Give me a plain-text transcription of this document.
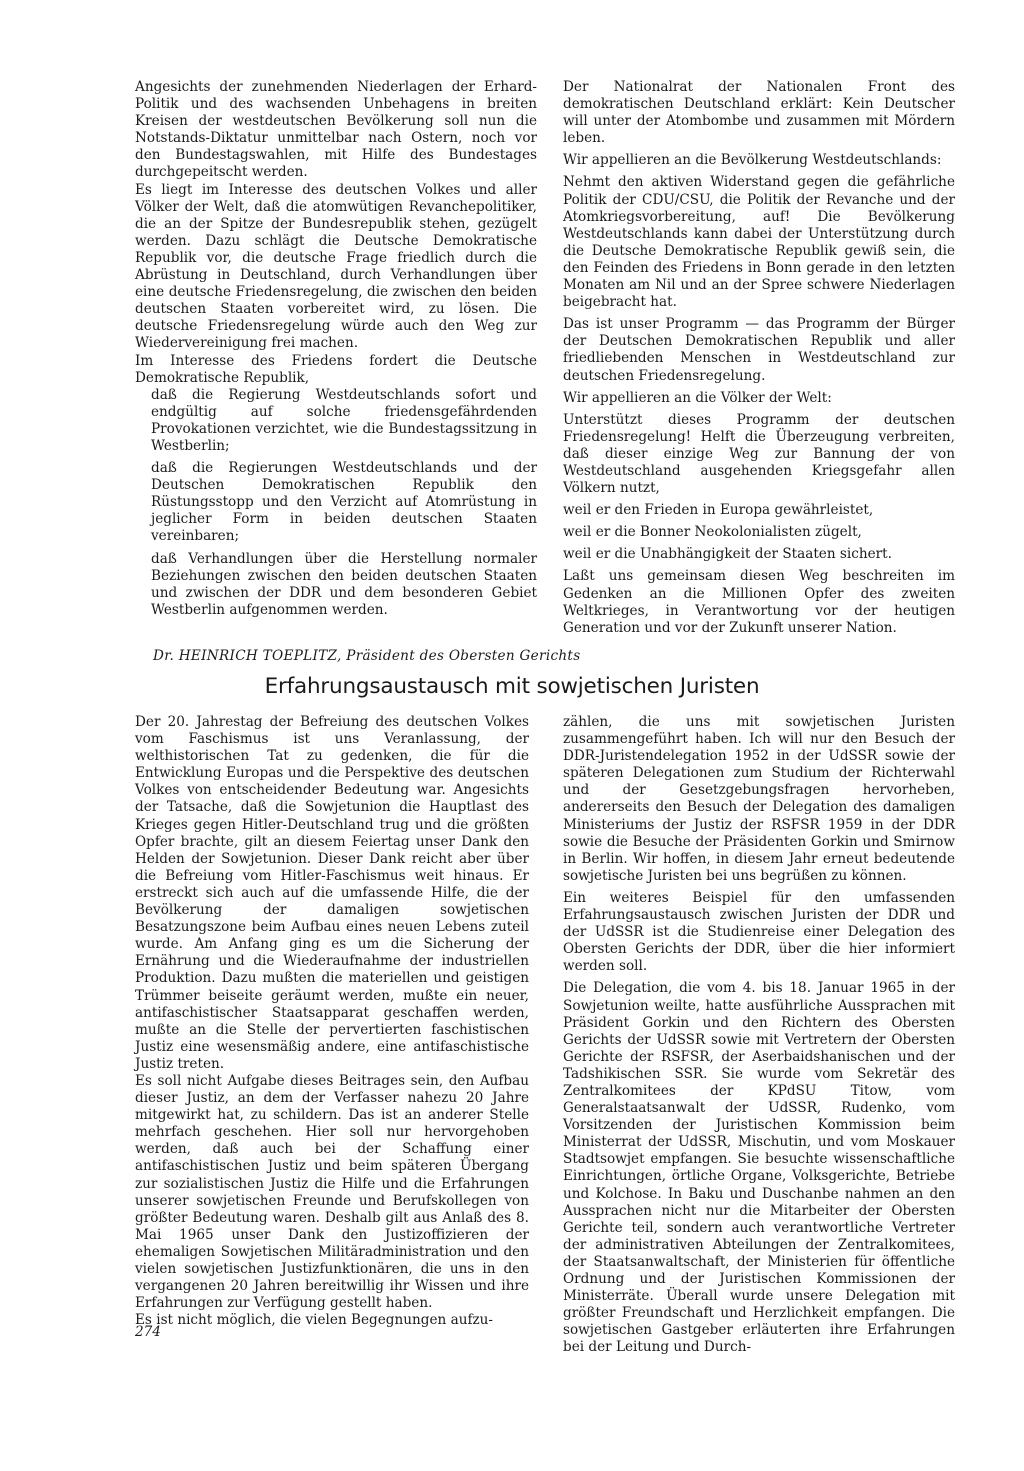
Angesichts der zunehmenden Niederlagen der Erhard-Politik und des wachsenden Unbehagens in breiten Kreisen der westdeutschen Bevölkerung soll nun die Notstands-Diktatur unmittelbar nach Ostern, noch vor den Bundestagswahlen, mit Hilfe des Bundestages durchgepeitscht werden.

Es liegt im Interesse des deutschen Volkes und aller Völker der Welt, daß die atomwütigen Revanchepolitiker, die an der Spitze der Bundesrepublik stehen, gezügelt werden. Dazu schlägt die Deutsche Demokratische Republik vor, die deutsche Frage friedlich durch die Abrüstung in Deutschland, durch Verhandlungen über eine deutsche Friedensregelung, die zwischen den beiden deutschen Staaten vorbereitet wird, zu lösen. Die deutsche Friedensregelung würde auch den Weg zur Wiedervereinigung frei machen.

Im Interesse des Friedens fordert die Deutsche Demokratische Republik,

daß die Regierung Westdeutschlands sofort und endgültig auf solche friedensgefährdenden Provokationen verzichtet, wie die Bundestagssitzung in Westberlin;

daß die Regierungen Westdeutschlands und der Deutschen Demokratischen Republik den Rüstungsstopp und den Verzicht auf Atomrüstung in jeglicher Form in beiden deutschen Staaten vereinbaren;

daß Verhandlungen über die Herstellung normaler Beziehungen zwischen den beiden deutschen Staaten und zwischen der DDR und dem besonderen Gebiet Westberlin aufgenommen werden.

Der Nationalrat der Nationalen Front des demokratischen Deutschland erklärt: Kein Deutscher will unter der Atombombe und zusammen mit Mördern leben.

Wir appellieren an die Bevölkerung Westdeutschlands:

Nehmt den aktiven Widerstand gegen die gefährliche Politik der CDU/CSU, die Politik der Revanche und der Atomkriegsvorbereitung, auf! Die Bevölkerung Westdeutschlands kann dabei der Unterstützung durch die Deutsche Demokratische Republik gewiß sein, die den Feinden des Friedens in Bonn gerade in den letzten Monaten am Nil und an der Spree schwere Niederlagen beigebracht hat.

Das ist unser Programm — das Programm der Bürger der Deutschen Demokratischen Republik und aller friedliebenden Menschen in Westdeutschland zur deutschen Friedensregelung.

Wir appellieren an die Völker der Welt:

Unterstützt dieses Programm der deutschen Friedensregelung! Helft die Überzeugung verbreiten, daß dieser einzige Weg zur Bannung der von Westdeutschland ausgehenden Kriegsgefahr allen Völkern nutzt,

weil er den Frieden in Europa gewährleistet,

weil er die Bonner Neokolonialisten zügelt,

weil er die Unabhängigkeit der Staaten sichert.

Laßt uns gemeinsam diesen Weg beschreiten im Gedenken an die Millionen Opfer des zweiten Weltkrieges, in Verantwortung vor der heutigen Generation und vor der Zukunft unserer Nation.

Dr. HEINRICH TOEPLITZ, Präsident des Obersten Gerichts
Erfahrungsaustausch mit sowjetischen Juristen

Der 20. Jahrestag der Befreiung des deutschen Volkes vom Faschismus ist uns Veranlassung, der welthistorischen Tat zu gedenken, die für die Entwicklung Europas und die Perspektive des deutschen Volkes von entscheidender Bedeutung war. Angesichts der Tatsache, daß die Sowjetunion die Hauptlast des Krieges gegen Hitler-Deutschland trug und die größten Opfer brachte, gilt an diesem Feiertag unser Dank den Helden der Sowjetunion. Dieser Dank reicht aber über die Befreiung vom Hitler-Faschismus weit hinaus. Er erstreckt sich auch auf die umfassende Hilfe, die der Bevölkerung der damaligen sowjetischen Besatzungszone beim Aufbau eines neuen Lebens zuteil wurde. Am Anfang ging es um die Sicherung der Ernährung und die Wiederaufnahme der industriellen Produktion. Dazu mußten die materiellen und geistigen Trümmer beiseite geräumt werden, mußte ein neuer, antifaschistischer Staatsapparat geschaffen werden, mußte an die Stelle der pervertierten faschistischen Justiz eine wesensmäßig andere, eine antifaschistische Justiz treten.

Es soll nicht Aufgabe dieses Beitrages sein, den Aufbau dieser Justiz, an dem der Verfasser nahezu 20 Jahre mitgewirkt hat, zu schildern. Das ist an anderer Stelle mehrfach geschehen. Hier soll nur hervorgehoben werden, daß auch bei der Schaffung einer antifaschistischen Justiz und beim späteren Übergang zur sozialistischen Justiz die Hilfe und die Erfahrungen unserer sowjetischen Freunde und Berufskollegen von größter Bedeutung waren. Deshalb gilt aus Anlaß des 8. Mai 1965 unser Dank den Justizoffizieren der ehemaligen Sowjetischen Militäradministration und den vielen sowjetischen Justizfunktionären, die uns in den vergangenen 20 Jahren bereitwillig ihr Wissen und ihre Erfahrungen zur Verfügung gestellt haben.

Es ist nicht möglich, die vielen Begegnungen aufzu-

zählen, die uns mit sowjetischen Juristen zusammengeführt haben. Ich will nur den Besuch der DDR-Juristendelegation 1952 in der UdSSR sowie der späteren Delegationen zum Studium der Richterwahl und der Gesetzgebungsfragen hervorheben, andererseits den Besuch der Delegation des damaligen Ministeriums der Justiz der RSFSR 1959 in der DDR sowie die Besuche der Präsidenten Gorkin und Smirnow in Berlin. Wir hoffen, in diesem Jahr erneut bedeutende sowjetische Juristen bei uns begrüßen zu können.

Ein weiteres Beispiel für den umfassenden Erfahrungsaustausch zwischen Juristen der DDR und der UdSSR ist die Studienreise einer Delegation des Obersten Gerichts der DDR, über die hier informiert werden soll.

Die Delegation, die vom 4. bis 18. Januar 1965 in der Sowjetunion weilte, hatte ausführliche Aussprachen mit Präsident Gorkin und den Richtern des Obersten Gerichts der UdSSR sowie mit Vertretern der Obersten Gerichte der RSFSR, der Aserbaidshanischen und der Tadshikischen SSR. Sie wurde vom Sekretär des Zentralkomitees der KPdSU Titow, vom Generalstaatsanwalt der UdSSR, Rudenko, vom Vorsitzenden der Juristischen Kommission beim Ministerrat der UdSSR, Mischutin, und vom Moskauer Stadtsowjet empfangen. Sie besuchte wissenschaftliche Einrichtungen, örtliche Organe, Volksgerichte, Betriebe und Kolchose. In Baku und Duschanbe nahmen an den Aussprachen nicht nur die Mitarbeiter der Obersten Gerichte teil, sondern auch verantwortliche Vertreter der administrativen Abteilungen der Zentralkomitees, der Staatsanwaltschaft, der Ministerien für öffentliche Ordnung und der Juristischen Kommissionen der Ministerräte. Überall wurde unsere Delegation mit größter Freundschaft und Herzlichkeit empfangen. Die sowjetischen Gastgeber erläuterten ihre Erfahrungen bei der Leitung und Durch-

274
